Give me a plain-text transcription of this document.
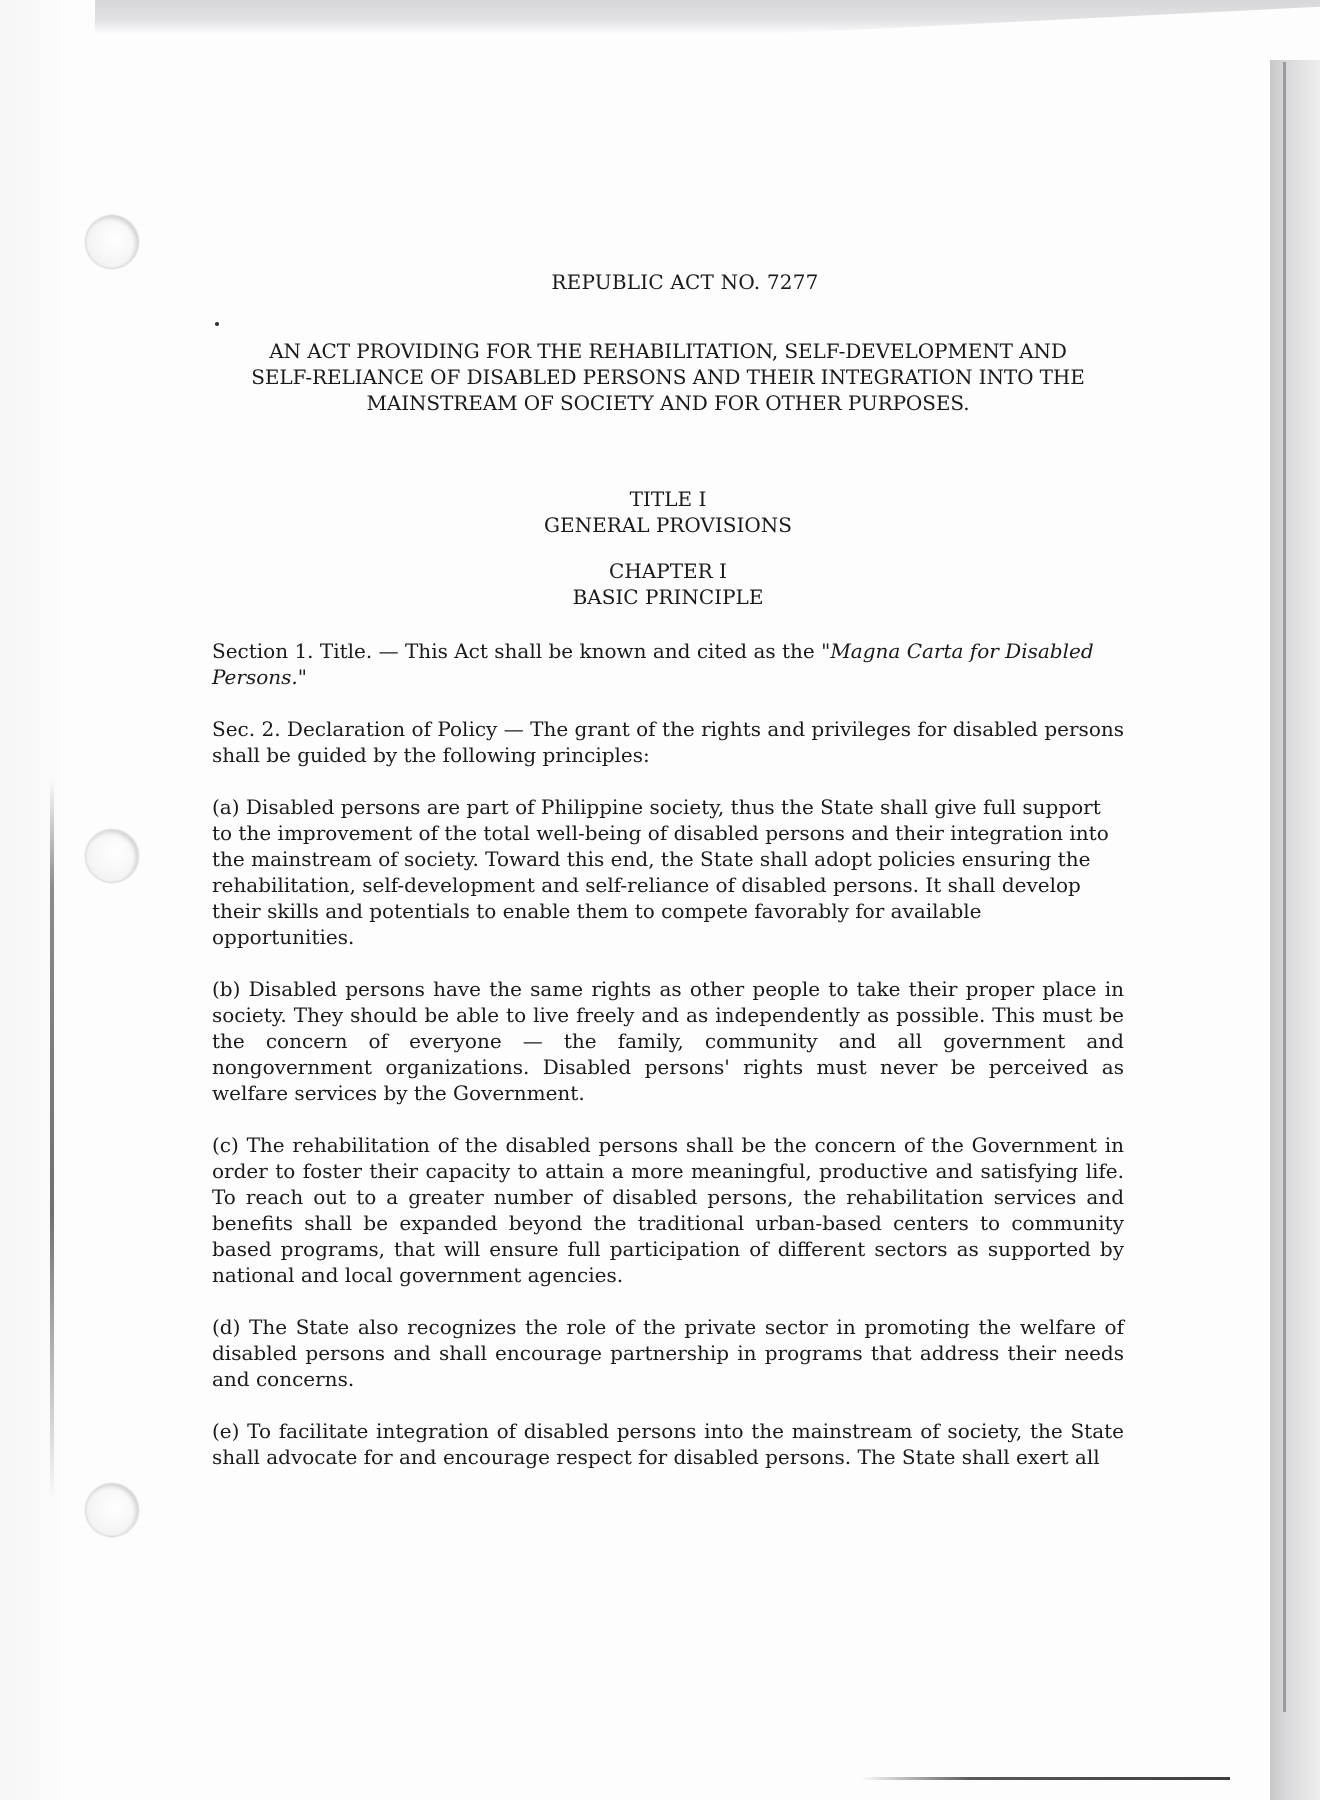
REPUBLIC ACT NO. 7277
AN ACT PROVIDING FOR THE REHABILITATION, SELF-DEVELOPMENT AND
SELF-RELIANCE OF DISABLED PERSONS AND THEIR INTEGRATION INTO THE
MAINSTREAM OF SOCIETY AND FOR OTHER PURPOSES.
TITLE I
GENERAL PROVISIONS
CHAPTER I
BASIC PRINCIPLE

Section 1. Title. — This Act shall be known and cited as the "Magna Carta for Disabled Persons."

Sec. 2. Declaration of Policy — The grant of the rights and privileges for disabled persons shall be guided by the following principles:

(a) Disabled persons are part of Philippine society, thus the State shall give full support to the improvement of the total well-being of disabled persons and their integration into the mainstream of society. Toward this end, the State shall adopt policies ensuring the rehabilitation, self-development and self-reliance of disabled persons. It shall develop their skills and potentials to enable them to compete favorably for available opportunities.

(b) Disabled persons have the same rights as other people to take their proper place in society. They should be able to live freely and as independently as possible. This must be the concern of everyone — the family, community and all government and nongovernment organizations. Disabled persons' rights must never be perceived as welfare services by the Government.

(c) The rehabilitation of the disabled persons shall be the concern of the Government in order to foster their capacity to attain a more meaningful, productive and satisfying life. To reach out to a greater number of disabled persons, the rehabilitation services and benefits shall be expanded beyond the traditional urban-based centers to community based programs, that will ensure full participation of different sectors as supported by national and local government agencies.

(d) The State also recognizes the role of the private sector in promoting the welfare of disabled persons and shall encourage partnership in programs that address their needs and concerns.

(e) To facilitate integration of disabled persons into the mainstream of society, the State shall advocate for and encourage respect for disabled persons. The State shall exert all
